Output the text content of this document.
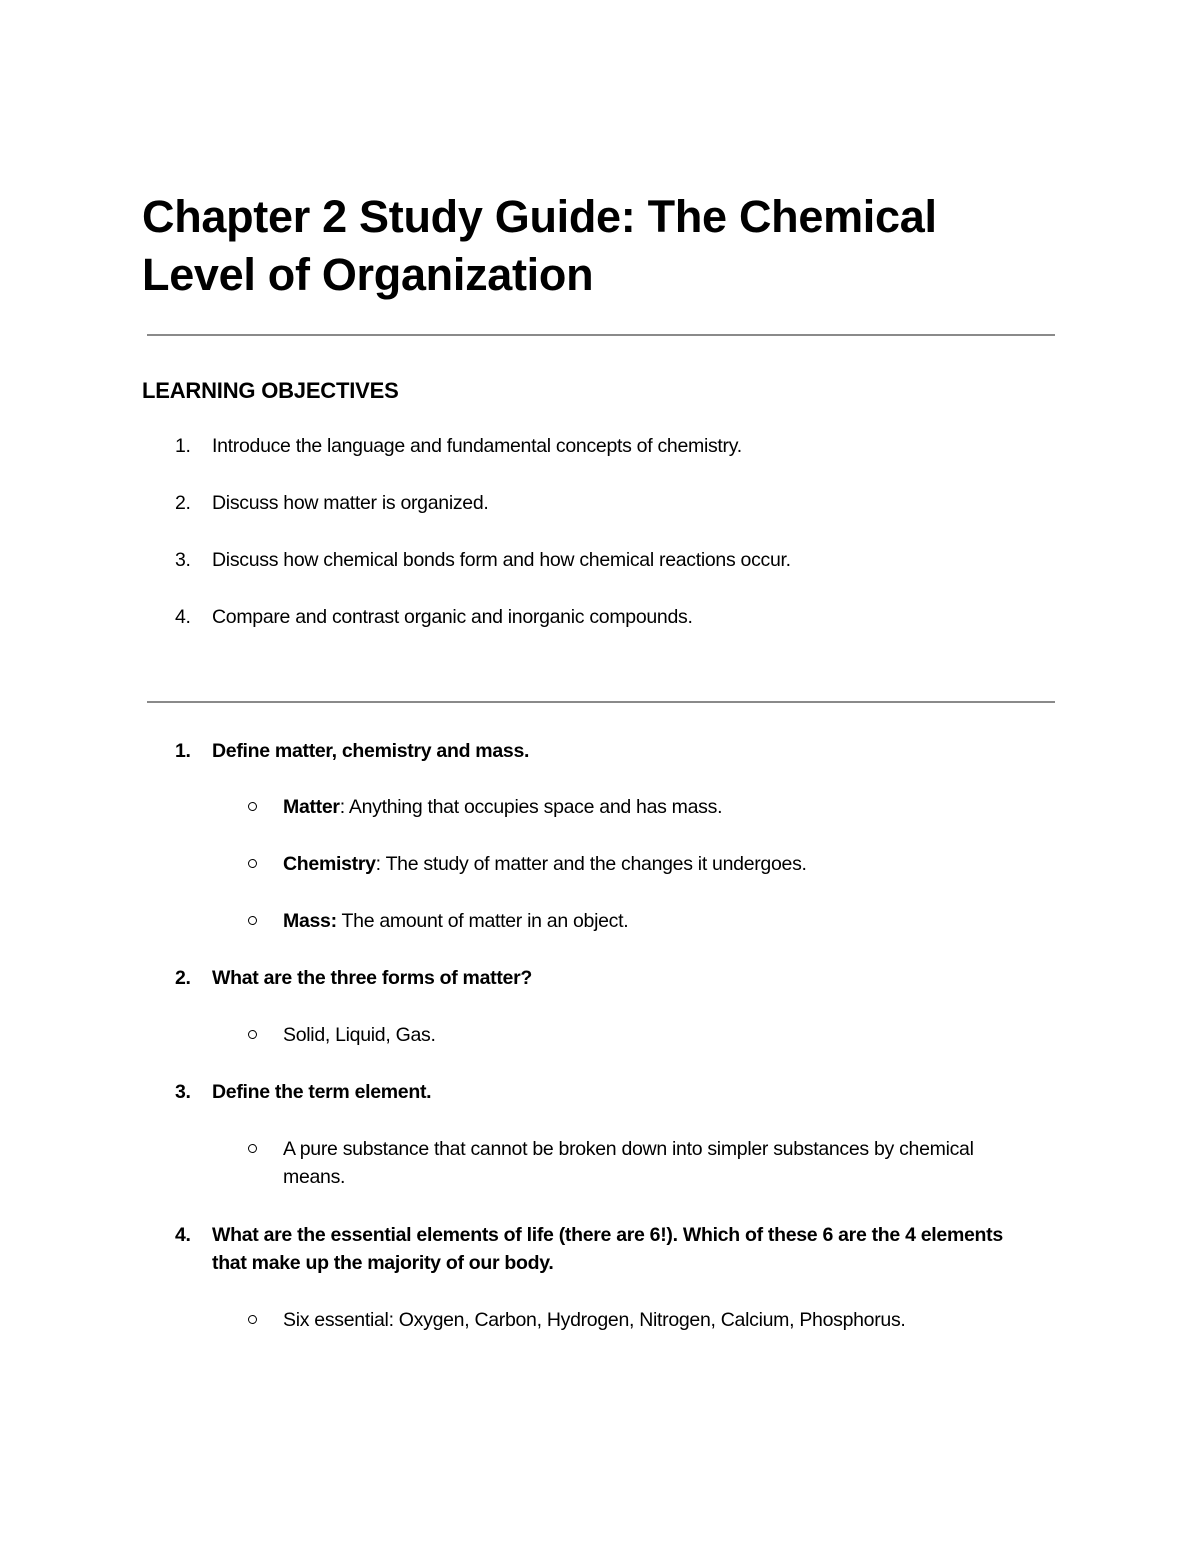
Chapter 2 Study Guide: The Chemical Level of Organization
LEARNING OBJECTIVES
1.	Introduce the language and fundamental concepts of chemistry.
2.	Discuss how matter is organized.
3.	Discuss how chemical bonds form and how chemical reactions occur.
4.	Compare and contrast organic and inorganic compounds.
1.	Define matter, chemistry and mass.
Matter: Anything that occupies space and has mass.
Chemistry: The study of matter and the changes it undergoes.
Mass: The amount of matter in an object.
2.	What are the three forms of matter?
Solid, Liquid, Gas.
3.	Define the term element.
A pure substance that cannot be broken down into simpler substances by chemical means.
4.	What are the essential elements of life (there are 6!). Which of these 6 are the 4 elements that make up the majority of our body.
Six essential: Oxygen, Carbon, Hydrogen, Nitrogen, Calcium, Phosphorus.
